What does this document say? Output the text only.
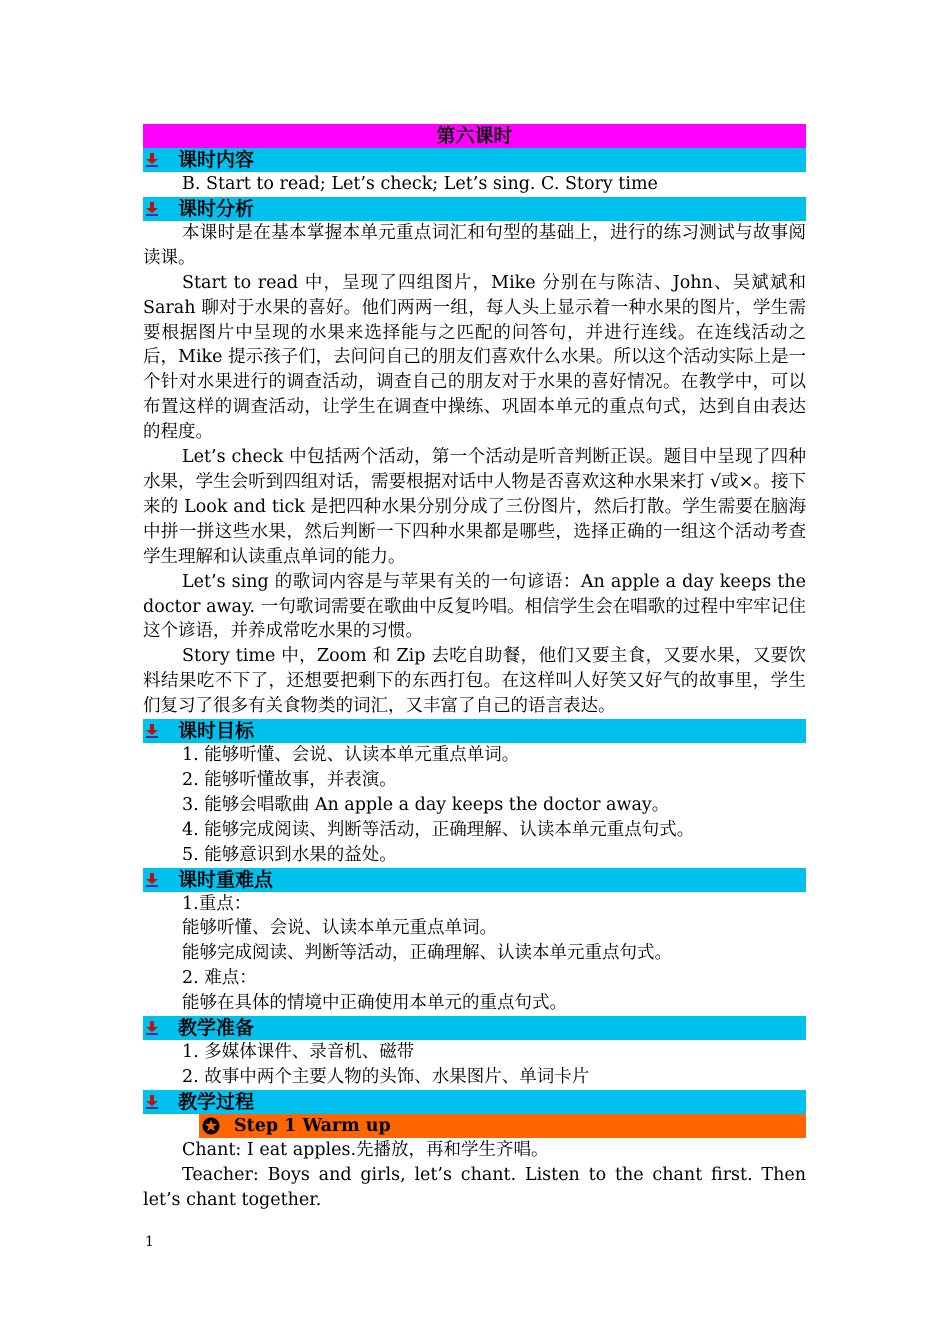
第六课时
课时内容

B. Start to read; Let’s check; Let’s sing. C. Story time

课时分析

本课时是在基本掌握本单元重点词汇和句型的基础上，进行的练习测试与故事阅读课。

Start to read 中，呈现了四组图片，Mike 分别在与陈洁、John、吴斌斌和 Sarah 聊对于水果的喜好。他们两两一组，每人头上显示着一种水果的图片，学生需要根据图片中呈现的水果来选择能与之匹配的问答句，并进行连线。在连线活动之后，Mike 提示孩子们，去问问自己的朋友们喜欢什么水果。所以这个活动实际上是一个针对水果进行的调查活动，调查自己的朋友对于水果的喜好情况。在教学中，可以布置这样的调查活动，让学生在调查中操练、巩固本单元的重点句式，达到自由表达的程度。

Let’s check 中包括两个活动，第一个活动是听音判断正误。题目中呈现了四种水果，学生会听到四组对话，需要根据对话中人物是否喜欢这种水果来打 √或×。接下来的 Look and tick 是把四种水果分别分成了三份图片，然后打散。学生需要在脑海中拼一拼这些水果，然后判断一下四种水果都是哪些，选择正确的一组这个活动考查学生理解和认读重点单词的能力。

Let’s sing 的歌词内容是与苹果有关的一句谚语：An apple a day keeps the doctor away. 一句歌词需要在歌曲中反复吟唱。相信学生会在唱歌的过程中牢牢记住这个谚语，并养成常吃水果的习惯。

Story time 中，Zoom 和 Zip 去吃自助餐，他们又要主食，又要水果，又要饮料结果吃不下了，还想要把剩下的东西打包。在这样叫人好笑又好气的故事里，学生们复习了很多有关食物类的词汇，又丰富了自己的语言表达。

课时目标

1. 能够听懂、会说、认读本单元重点单词。

2. 能够听懂故事，并表演。

3. 能够会唱歌曲 An apple a day keeps the doctor away。

4. 能够完成阅读、判断等活动，正确理解、认读本单元重点句式。

5. 能够意识到水果的益处。

课时重难点

1.重点：

能够听懂、会说、认读本单元重点单词。

能够完成阅读、判断等活动，正确理解、认读本单元重点句式。

2. 难点：

能够在具体的情境中正确使用本单元的重点句式。

教学准备

1. 多媒体课件、录音机、磁带

2. 故事中两个主要人物的头饰、水果图片、单词卡片

教学过程
Step 1 Warm up

Chant: I eat apples.先播放，再和学生齐唱。

Teacher: Boys and girls, let’s chant. Listen to the chant first. Then let’s chant together.

1
